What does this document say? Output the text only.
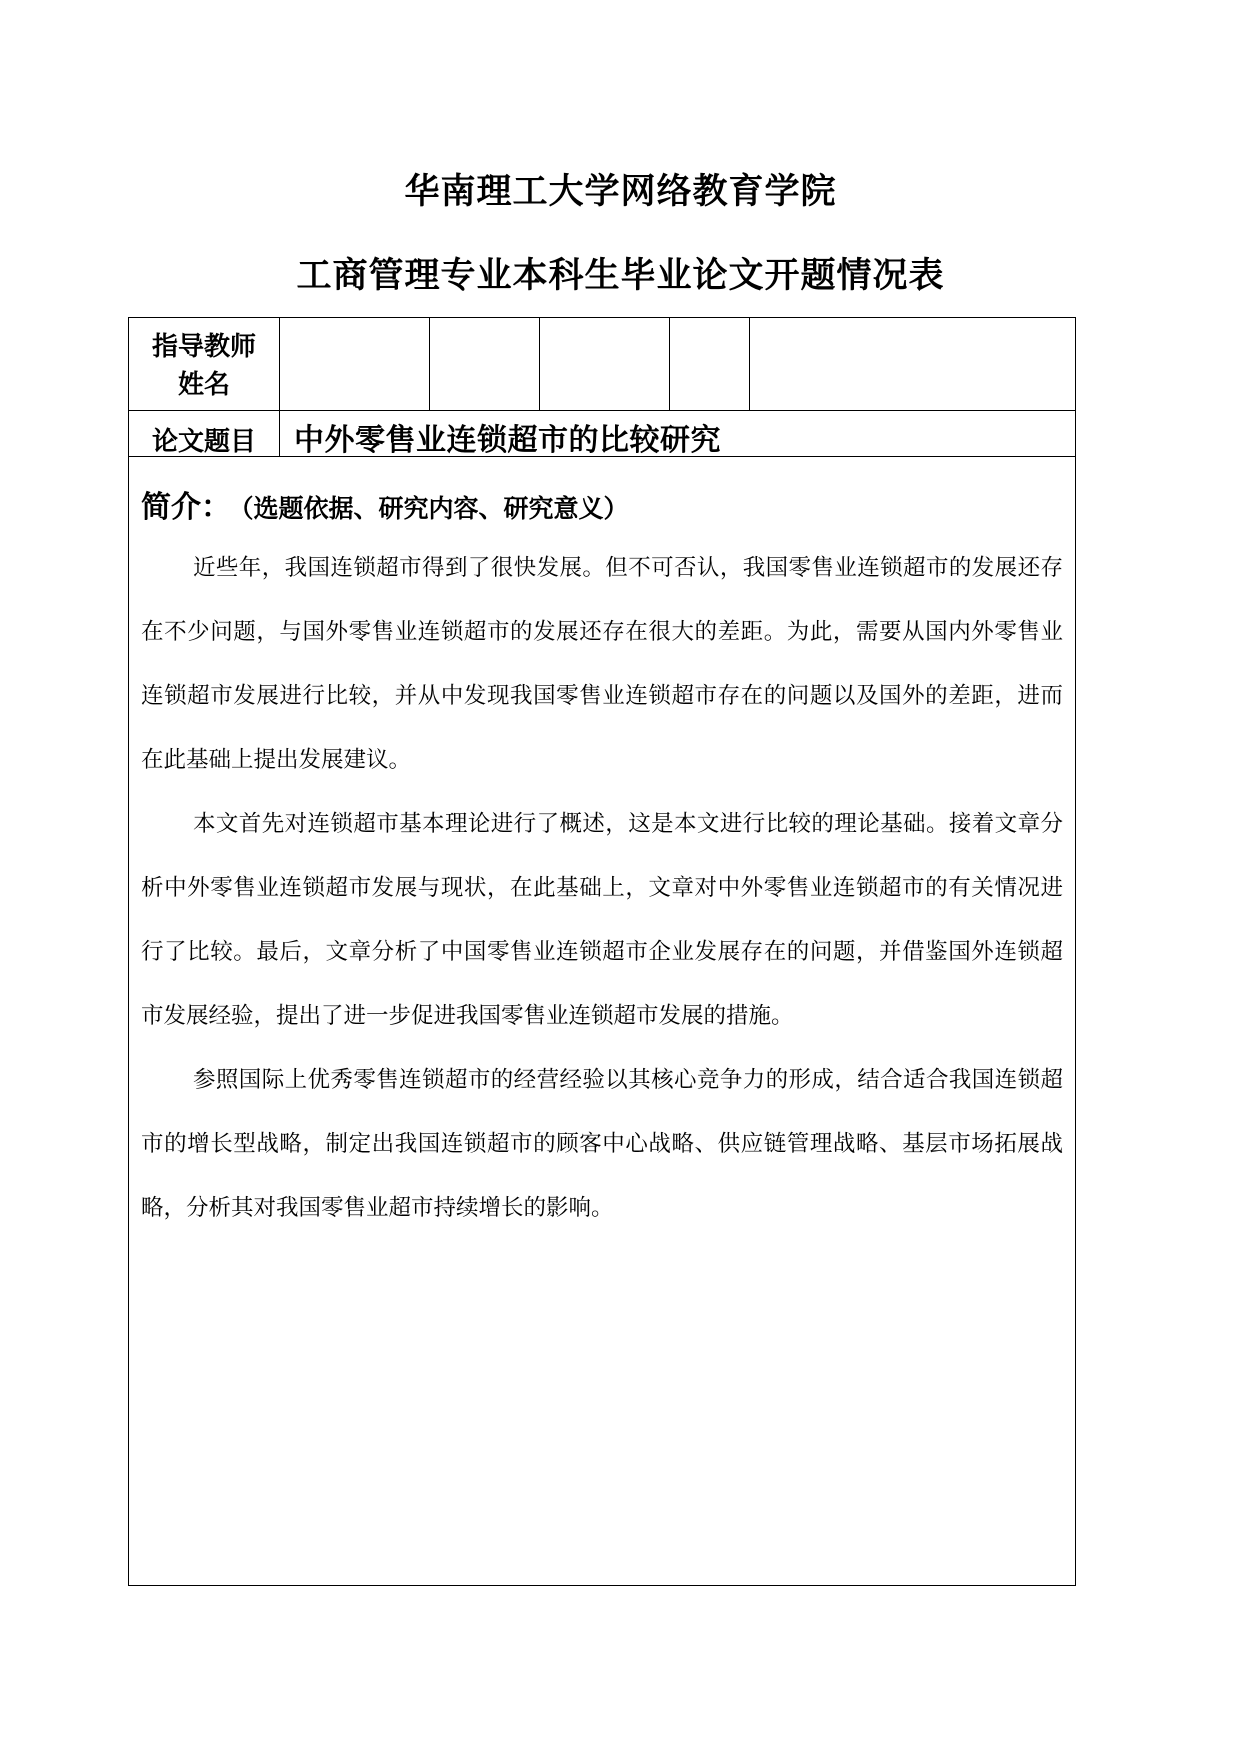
华南理工大学网络教育学院
工商管理专业本科生毕业论文开题情况表
指导教师
姓名
论文题目	中外零售业连锁超市的比较研究
简介： （选题依据、研究内容、研究意义）

近些年，我国连锁超市得到了很快发展。但不可否认，我国零售业连锁超市的发展还存在不少问题，与国外零售业连锁超市的发展还存在很大的差距。为此，需要从国内外零售业连锁超市发展进行比较，并从中发现我国零售业连锁超市存在的问题以及国外的差距，进而在此基础上提出发展建议。

本文首先对连锁超市基本理论进行了概述，这是本文进行比较的理论基础。接着文章分析中外零售业连锁超市发展与现状，在此基础上，文章对中外零售业连锁超市的有关情况进行了比较。最后，文章分析了中国零售业连锁超市企业发展存在的问题，并借鉴国外连锁超市发展经验，提出了进一步促进我国零售业连锁超市发展的措施。

参照国际上优秀零售连锁超市的经营经验以其核心竞争力的形成，结合适合我国连锁超市的增长型战略，制定出我国连锁超市的顾客中心战略、供应链管理战略、基层市场拓展战略，分析其对我国零售业超市持续增长的影响。
